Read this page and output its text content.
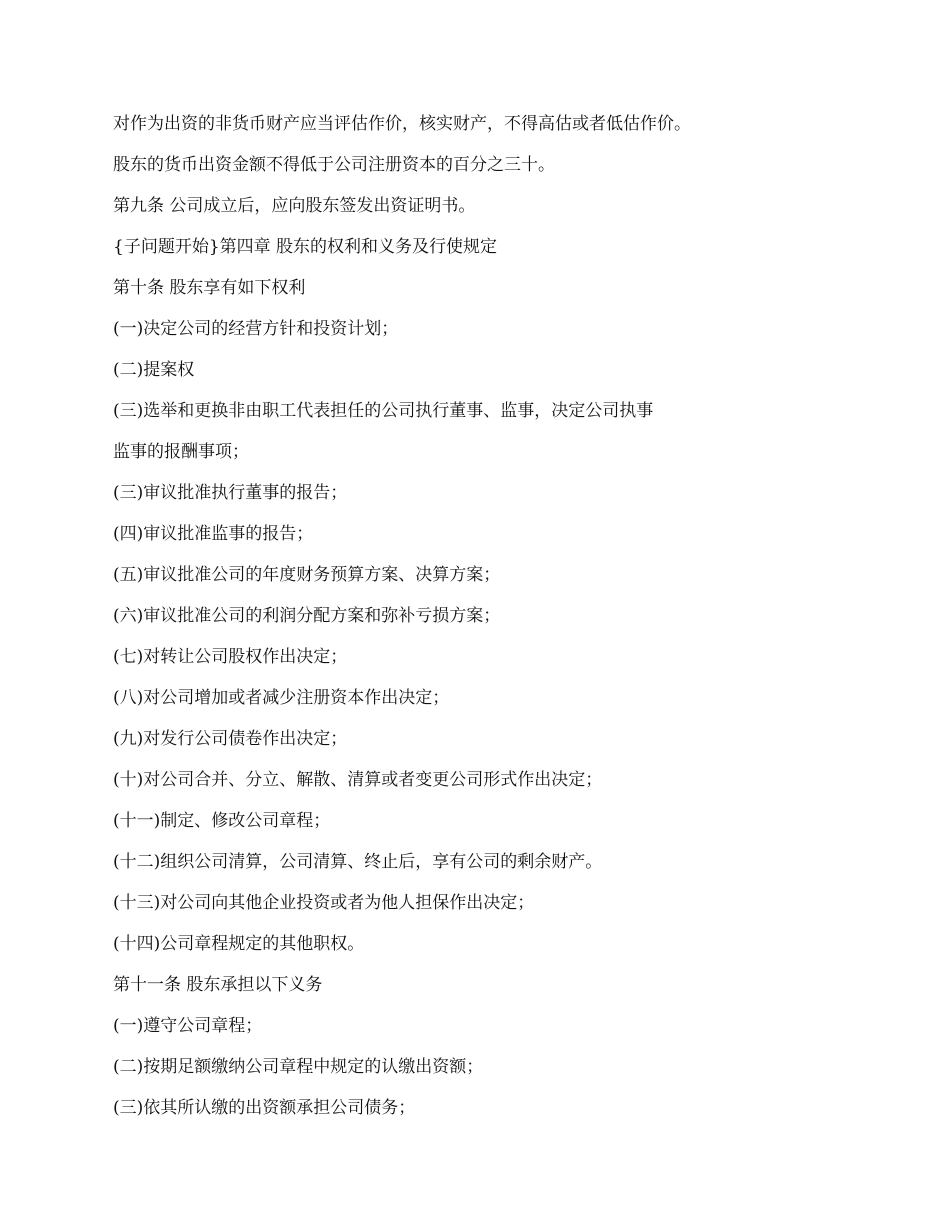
对作为出资的非货币财产应当评估作价，核实财产，不得高估或者低估作价。
股东的货币出资金额不得低于公司注册资本的百分之三十。
第九条 公司成立后，应向股东签发出资证明书。
{子问题开始}第四章 股东的权利和义务及行使规定
第十条 股东享有如下权利
(一)决定公司的经营方针和投资计划；
(二)提案权
(三)选举和更换非由职工代表担任的公司执行董事、监事，决定公司执事
监事的报酬事项；
(三)审议批准执行董事的报告；
(四)审议批准监事的报告；
(五)审议批准公司的年度财务预算方案、决算方案；
(六)审议批准公司的利润分配方案和弥补亏损方案；
(七)对转让公司股权作出决定；
(八)对公司增加或者减少注册资本作出决定；
(九)对发行公司债卷作出决定；
(十)对公司合并、分立、解散、清算或者变更公司形式作出决定；
(十一)制定、修改公司章程；
(十二)组织公司清算，公司清算、终止后，享有公司的剩余财产。
(十三)对公司向其他企业投资或者为他人担保作出决定；
(十四)公司章程规定的其他职权。
第十一条 股东承担以下义务
(一)遵守公司章程；
(二)按期足额缴纳公司章程中规定的认缴出资额；
(三)依其所认缴的出资额承担公司债务；
